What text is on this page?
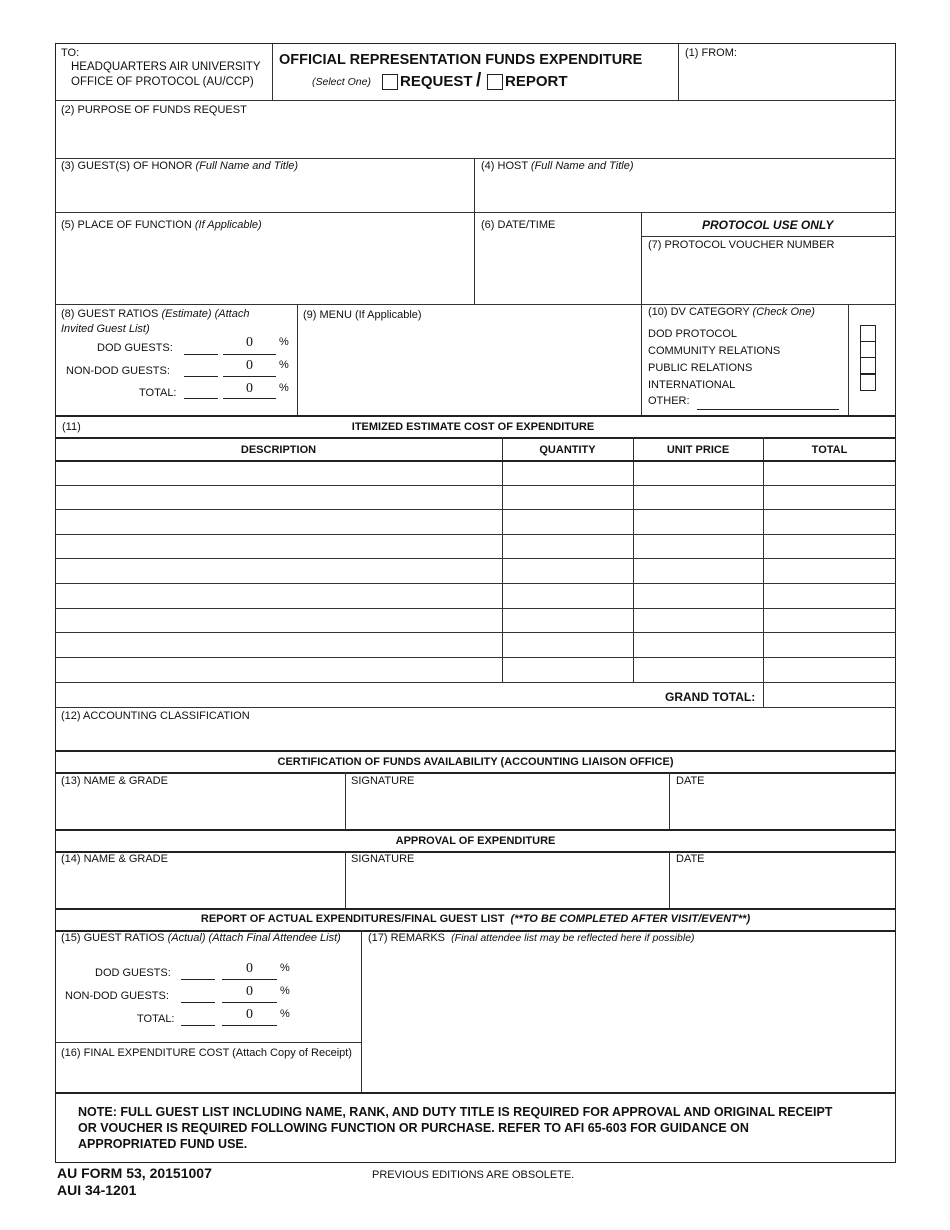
TO:
HEADQUARTERS AIR UNIVERSITY
OFFICE OF PROTOCOL (AU/CCP)
OFFICIAL REPRESENTATION FUNDS EXPENDITURE
(Select One) REQUEST / REPORT
(1) FROM:
(2) PURPOSE OF FUNDS REQUEST
(3) GUEST(S) OF HONOR (Full Name and Title)	(4) HOST (Full Name and Title)
(5) PLACE OF FUNCTION (If Applicable)	(6) DATE/TIME	PROTOCOL USE ONLY
(7) PROTOCOL VOUCHER NUMBER
(8) GUEST RATIOS (Estimate) (Attach
Invited Guest List)
DOD GUESTS:	0	%
NON-DOD GUESTS:	0	%
TOTAL:	0	%
(9) MENU (If Applicable)	(10) DV CATEGORY (Check One)
DOD PROTOCOL
COMMUNITY RELATIONS
PUBLIC RELATIONS
INTERNATIONAL
OTHER:
(11)	ITEMIZED ESTIMATE COST OF EXPENDITURE
DESCRIPTION	QUANTITY	UNIT PRICE	TOTAL
GRAND TOTAL:
(12) ACCOUNTING CLASSIFICATION
CERTIFICATION OF FUNDS AVAILABILITY (ACCOUNTING LIAISON OFFICE)
(13) NAME & GRADE	SIGNATURE	DATE
APPROVAL OF EXPENDITURE
(14) NAME & GRADE	SIGNATURE	DATE
REPORT OF ACTUAL EXPENDITURES/FINAL GUEST LIST (**TO BE COMPLETED AFTER VISIT/EVENT**)
(15) GUEST RATIOS (Actual) (Attach Final Attendee List)
DOD GUESTS:	0	%
NON-DOD GUESTS:	0	%
TOTAL:	0	%
(16) FINAL EXPENDITURE COST (Attach Copy of Receipt)
(17) REMARKS (Final attendee list may be reflected here if possible)
NOTE: FULL GUEST LIST INCLUDING NAME, RANK, AND DUTY TITLE IS REQUIRED FOR APPROVAL AND ORIGINAL RECEIPT OR VOUCHER IS REQUIRED FOLLOWING FUNCTION OR PURCHASE. REFER TO AFI 65-603 FOR GUIDANCE ON APPROPRIATED FUND USE.
AU FORM 53, 20151007
AUI 34-1201
PREVIOUS EDITIONS ARE OBSOLETE.
